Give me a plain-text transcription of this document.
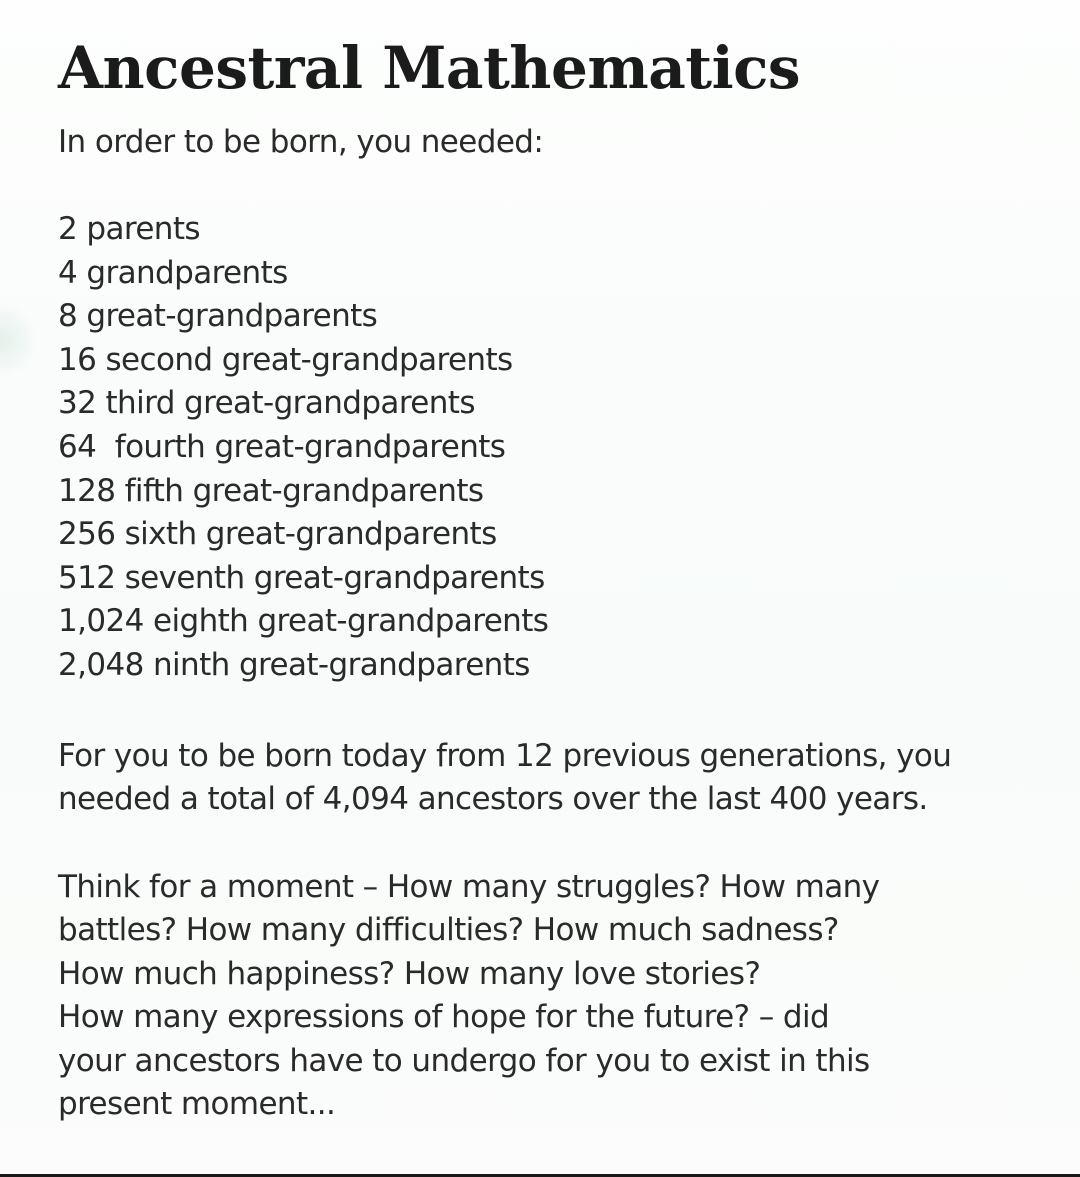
Ancestral Mathematics

In order to be born, you needed:

2 parents
4 grandparents
8 great-grandparents
16 second great-grandparents
32 third great-grandparents
64  fourth great-grandparents
128 fifth great-grandparents
256 sixth great-grandparents
512 seventh great-grandparents
1,024 eighth great-grandparents
2,048 ninth great-grandparents

For you to be born today from 12 previous generations, you needed a total of 4,094 ancestors over the last 400 years.

Think for a moment – How many struggles? How many
battles? How many difficulties? How much sadness?
How much happiness? How many love stories?
How many expressions of hope for the future? – did
your ancestors have to undergo for you to exist in this
present moment...
